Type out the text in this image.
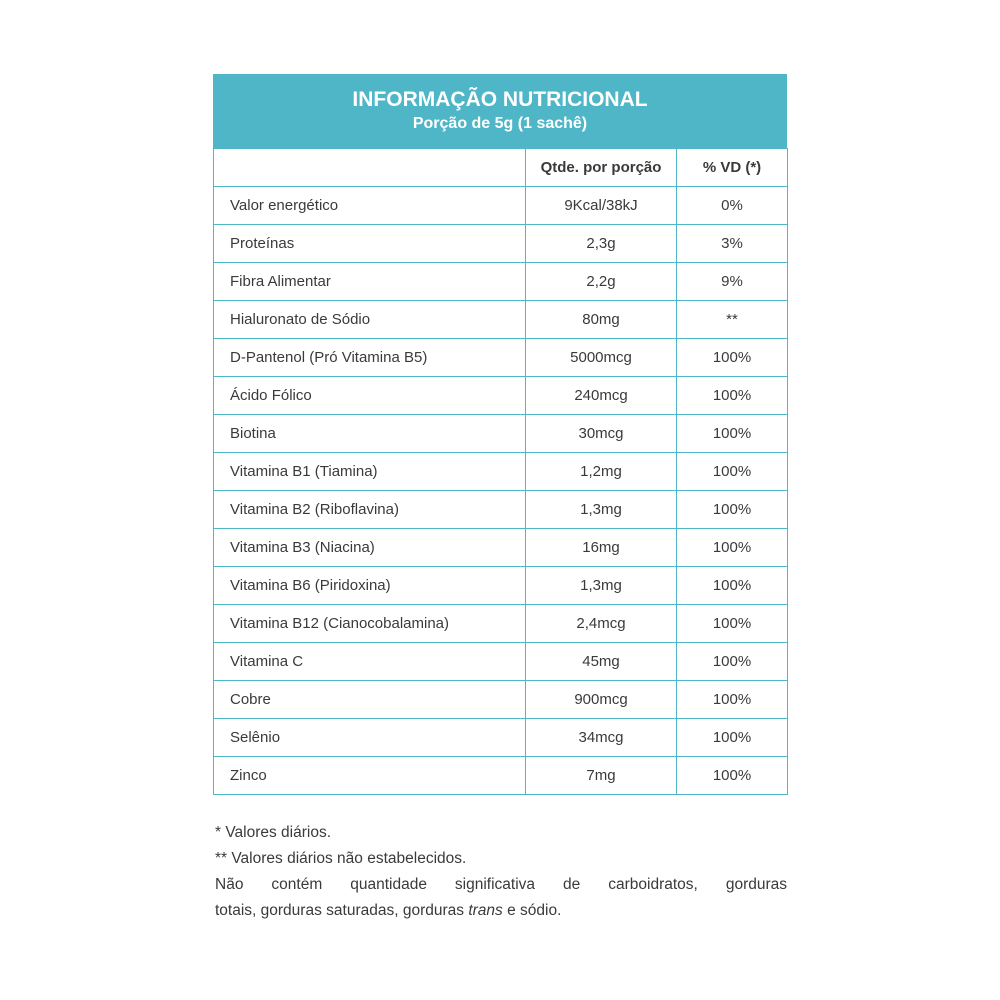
INFORMAÇÃO NUTRICIONAL
Porção de 5g (1 sachê)
	Qtde. por porção	% VD (*)
Valor energético	9Kcal/38kJ	0%
Proteínas	2,3g	3%
Fibra Alimentar	2,2g	9%
Hialuronato de Sódio	80mg	**
D-Pantenol (Pró Vitamina B5)	5000mcg	100%
Ácido Fólico	240mcg	100%
Biotina	30mcg	100%
Vitamina B1 (Tiamina)	1,2mg	100%
Vitamina B2 (Riboflavina)	1,3mg	100%
Vitamina B3 (Niacina)	16mg	100%
Vitamina B6 (Piridoxina)	1,3mg	100%
Vitamina B12 (Cianocobalamina)	2,4mcg	100%
Vitamina C	45mg	100%
Cobre	900mcg	100%
Selênio	34mcg	100%
Zinco	7mg	100%

* Valores diários.

** Valores diários não estabelecidos.

Não contém quantidade significativa de carboidratos, gorduras

totais, gorduras saturadas, gorduras trans e sódio.
